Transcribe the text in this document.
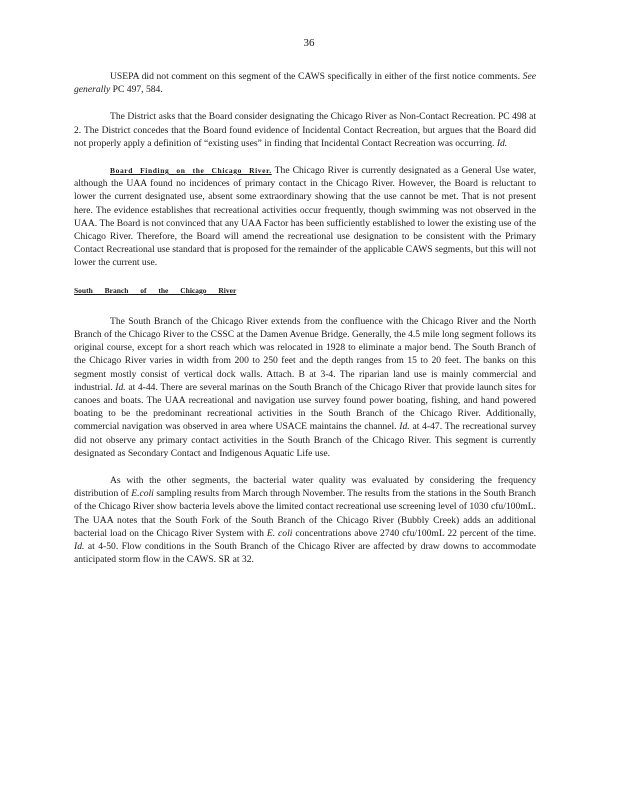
36

USEPA did not comment on this segment of the CAWS specifically in either of the first notice comments. See generally PC 497, 584.

The District asks that the Board consider designating the Chicago River as Non-Contact Recreation. PC 498 at 2. The District concedes that the Board found evidence of Incidental Contact Recreation, but argues that the Board did not properly apply a definition of “existing uses” in finding that Incidental Contact Recreation was occurring. Id.

Board Finding on the Chicago River. The Chicago River is currently designated as a General Use water, although the UAA found no incidences of primary contact in the Chicago River. However, the Board is reluctant to lower the current designated use, absent some extraordinary showing that the use cannot be met. That is not present here. The evidence establishes that recreational activities occur frequently, though swimming was not observed in the UAA. The Board is not convinced that any UAA Factor has been sufficiently established to lower the existing use of the Chicago River. Therefore, the Board will amend the recreational use designation to be consistent with the Primary Contact Recreational use standard that is proposed for the remainder of the applicable CAWS segments, but this will not lower the current use.

South Branch of the Chicago River

The South Branch of the Chicago River extends from the confluence with the Chicago River and the North Branch of the Chicago River to the CSSC at the Damen Avenue Bridge. Generally, the 4.5 mile long segment follows its original course, except for a short reach which was relocated in 1928 to eliminate a major bend. The South Branch of the Chicago River varies in width from 200 to 250 feet and the depth ranges from 15 to 20 feet. The banks on this segment mostly consist of vertical dock walls. Attach. B at 3-4. The riparian land use is mainly commercial and industrial. Id. at 4-44. There are several marinas on the South Branch of the Chicago River that provide launch sites for canoes and boats. The UAA recreational and navigation use survey found power boating, fishing, and hand powered boating to be the predominant recreational activities in the South Branch of the Chicago River. Additionally, commercial navigation was observed in area where USACE maintains the channel. Id. at 4-47. The recreational survey did not observe any primary contact activities in the South Branch of the Chicago River. This segment is currently designated as Secondary Contact and Indigenous Aquatic Life use.

As with the other segments, the bacterial water quality was evaluated by considering the frequency distribution of E.coli sampling results from March through November. The results from the stations in the South Branch of the Chicago River show bacteria levels above the limited contact recreational use screening level of 1030 cfu/100mL. The UAA notes that the South Fork of the South Branch of the Chicago River (Bubbly Creek) adds an additional bacterial load on the Chicago River System with E. coli concentrations above 2740 cfu/100mL 22 percent of the time. Id. at 4-50. Flow conditions in the South Branch of the Chicago River are affected by draw downs to accommodate anticipated storm flow in the CAWS. SR at 32.
